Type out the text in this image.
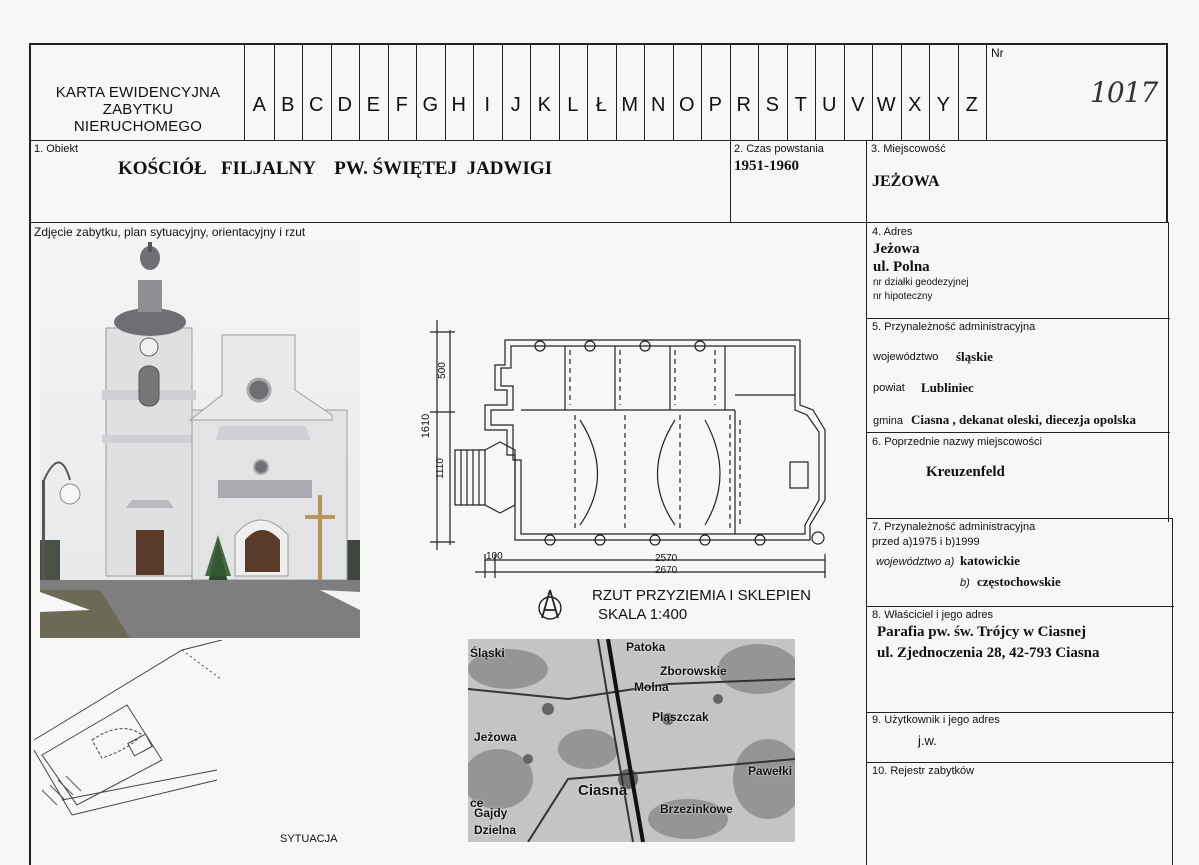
KARTA EWIDENCYJNA
ZABYTKU
NIERUCHOMEGO
A B C D E F G H I	J K L Ł M N O P R S T U V W X Y Z
Nr
1017
1. Obiekt
KOŚCIÓŁ   FILJALNY    PW. ŚWIĘTEJ  JADWIGI
2. Czas powstania
1951-1960
3. Miejscowość
JEŻOWA
Zdjęcie zabytku, plan sytuacyjny, orientacyjny i rzut
SYTUACJA
1610
500
1110
100	2570
2670
RZUT PRZYZIEMIA I SKLEPIEN
SKALA 1:400
Śląski	Patoka
Zborowskie
Molna
Pląszczak
Jeżowa
Pawełki
Ciasna
Gajdy	Brzezinkowe
Dzielna
ce
4. Adres
Jeżowa
ul. Polna
nr działki geodezyjnej
nr hipoteczny
5. Przynależność administracyjna
województwo śląskie
powiat Lubliniec
gmina Ciasna , dekanat oleski, diecezja opolska
6. Poprzednie nazwy miejscowości
Kreuzenfeld
7. Przynależność administracyjna
przed a)1975 i b)1999
województwo a) katowickie
b) częstochowskie
8. Właściciel i jego adres
Parafia pw. św. Trójcy w Ciasnej
ul. Zjednoczenia 28, 42-793 Ciasna
9. Użytkownik i jego adres
j.w.
10. Rejestr zabytków
